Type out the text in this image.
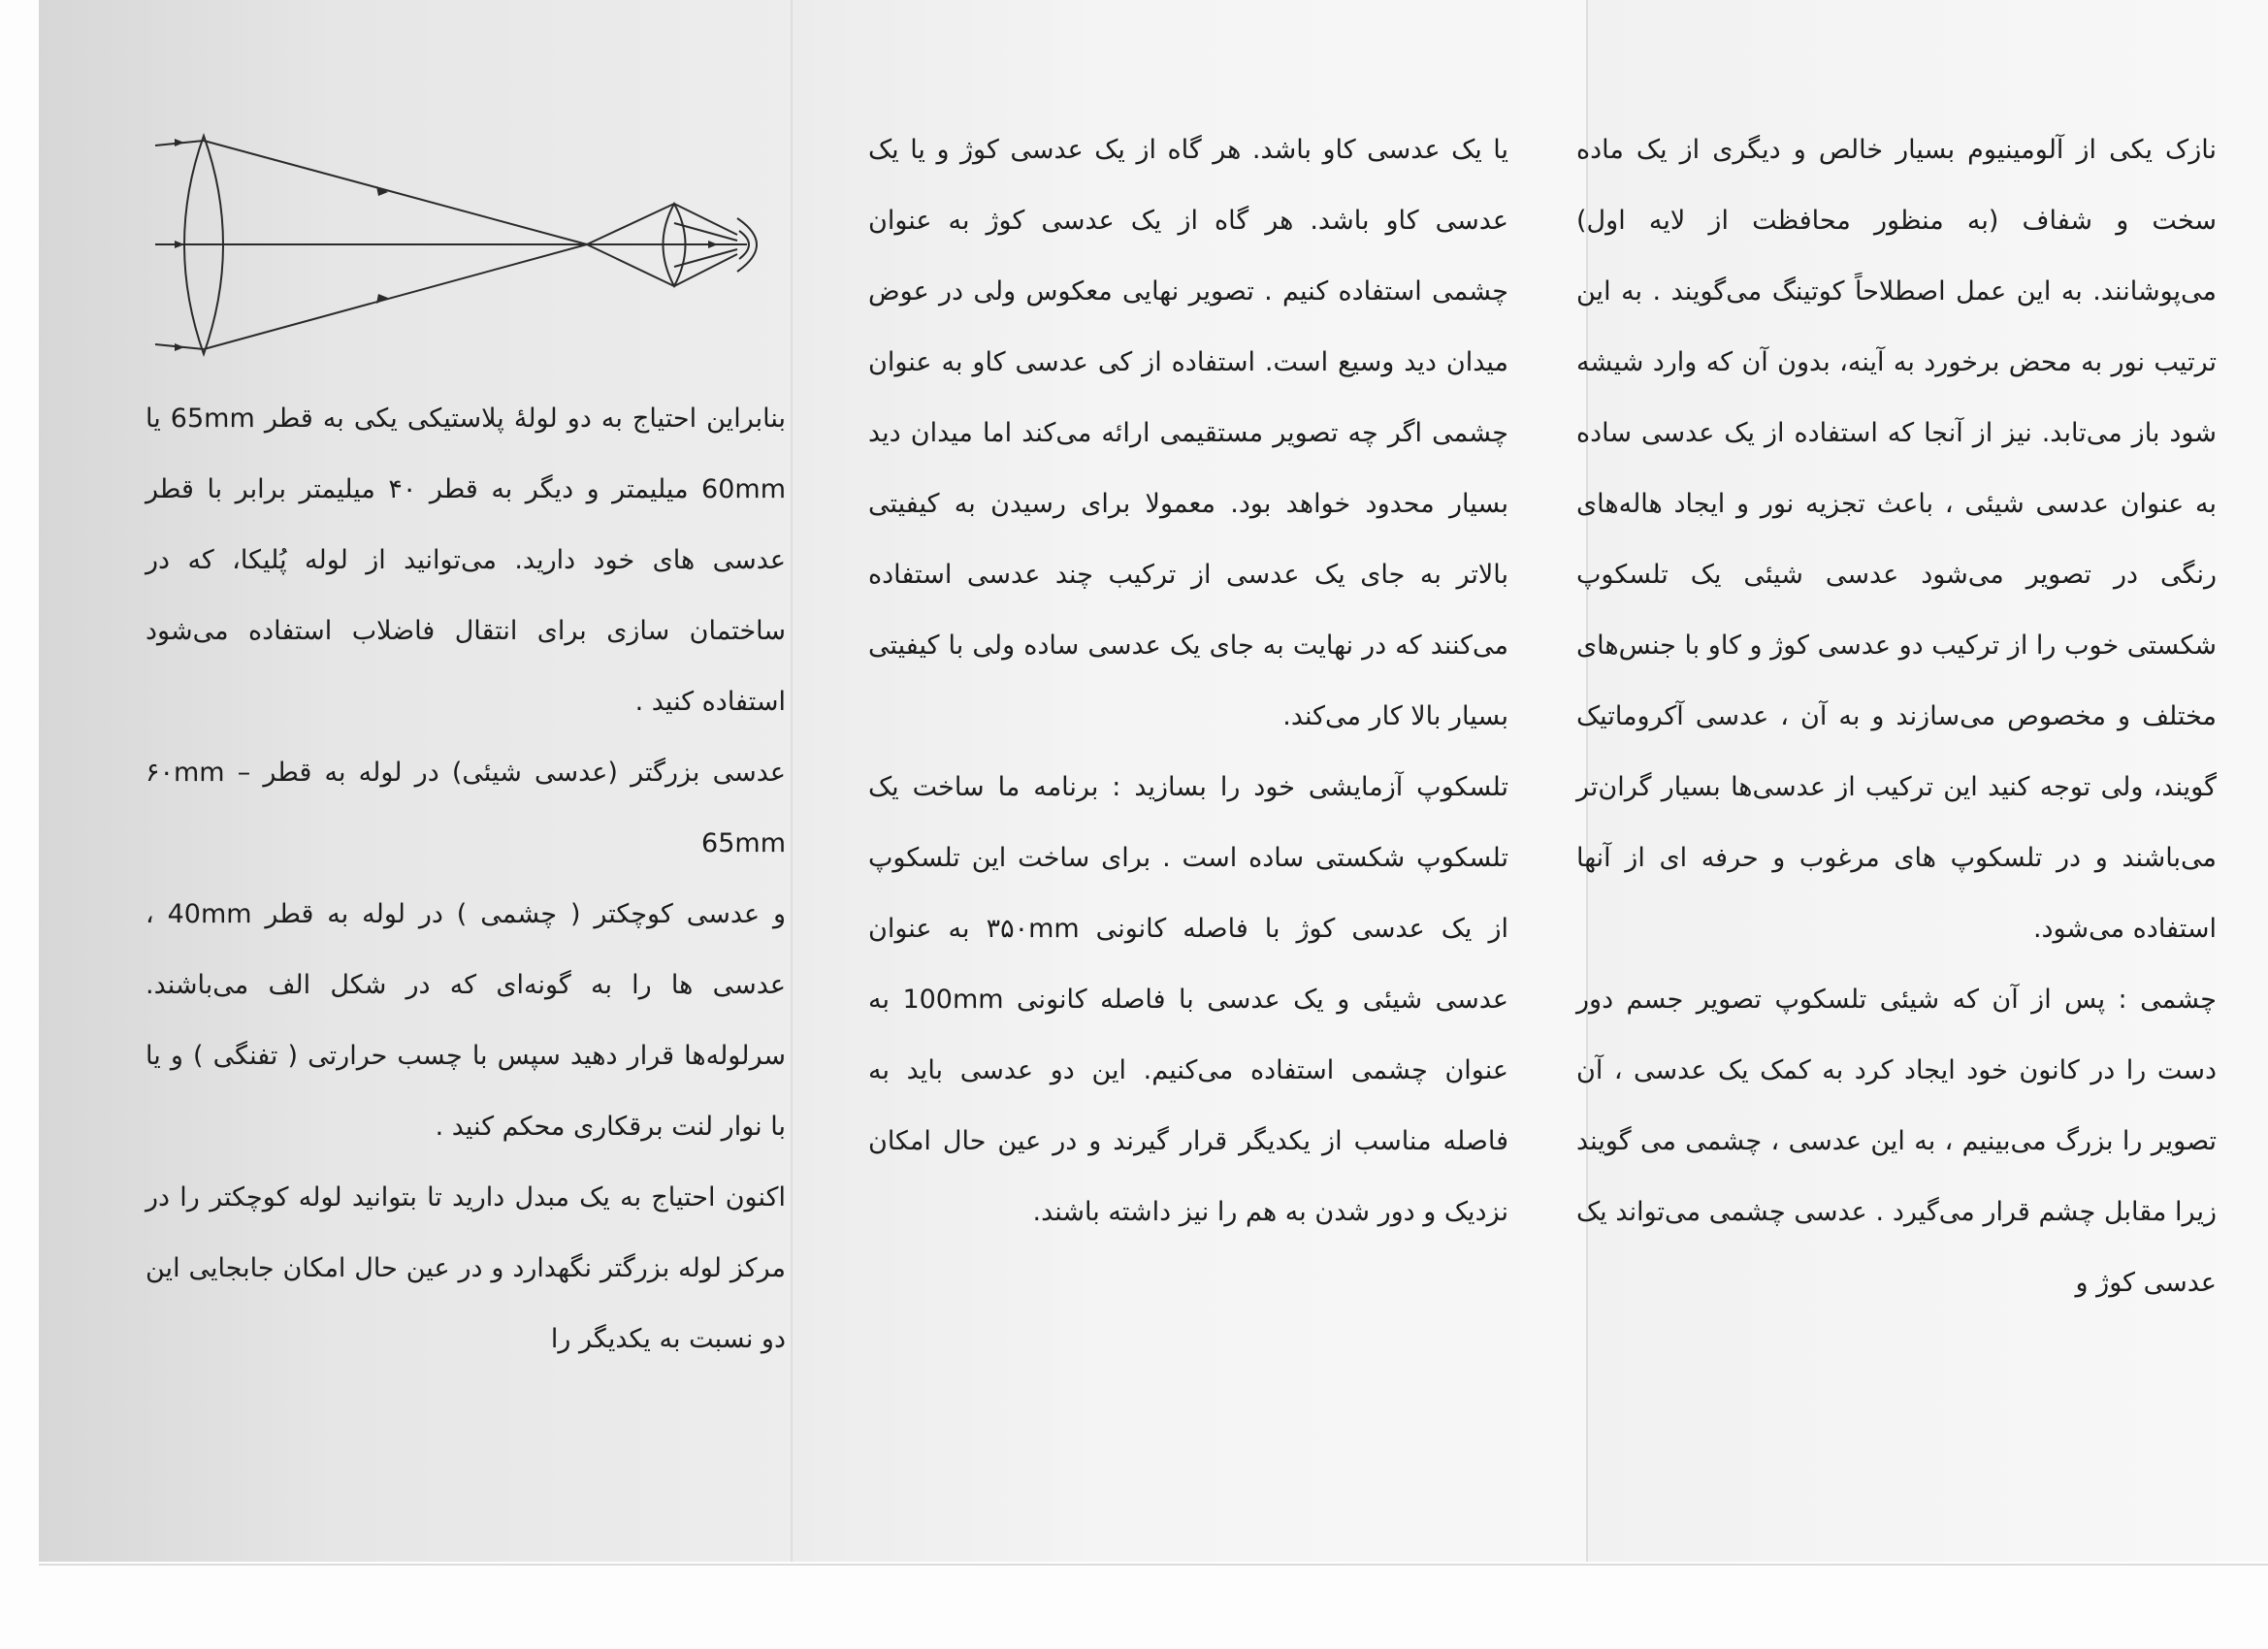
نازک یکی از آلومینیوم بسیار خالص و دیگری از یک ماده سخت و شفاف (به منظور محافظت از لایه اول) می‌پوشانند. به این عمل اصطلاحاً کوتینگ می‌گویند . به این ترتیب نور به محض برخورد به آینه، بدون آن که وارد شیشه شود باز می‌تابد. نیز از آنجا که استفاده از یک عدسی ساده به عنوان عدسی شیئی ، باعث تجزیه نور و ایجاد هاله‌های رنگی در تصویر می‌شود عدسی شیئی یک تلسکوپ شکستی خوب را از ترکیب دو عدسی کوژ و کاو با جنس‌های مختلف و مخصوص می‌سازند و به آن ، عدسی آکروماتیک گویند، ولی توجه کنید این ترکیب از عدسی‌ها بسیار گران‌تر می‌باشند و در تلسکوپ های مرغوب و حرفه ای از آنها استفاده می‌شود.

چشمی : پس از آن که شیئی تلسکوپ تصویر جسم دور دست را در کانون خود ایجاد کرد به کمک یک عدسی ، آن تصویر را بزرگ می‌بینیم ، به این عدسی ، چشمی می گویند زیرا مقابل چشم قرار می‌گیرد . عدسی چشمی می‌تواند یک عدسی کوژ و

یا یک عدسی کاو باشد. هر گاه از یک عدسی کوژ و یا یک عدسی کاو باشد. هر گاه از یک عدسی کوژ به عنوان چشمی استفاده کنیم . تصویر نهایی معکوس ولی در عوض میدان دید وسیع است. استفاده از کی عدسی کاو به عنوان چشمی اگر چه تصویر مستقیمی ارائه می‌کند اما میدان دید بسیار محدود خواهد بود. معمولا برای رسیدن به کیفیتی بالاتر به جای یک عدسی از ترکیب چند عدسی استفاده می‌کنند که در نهایت به جای یک عدسی ساده ولی با کیفیتی بسیار بالا کار می‌کند.

تلسکوپ آزمایشی خود را بسازید : برنامه ما ساخت یک تلسکوپ شکستی ساده است . برای ساخت این تلسکوپ از یک عدسی کوژ با فاصله کانونی ۳۵۰mm به عنوان عدسی شیئی و یک عدسی با فاصله کانونی 100mm به عنوان چشمی استفاده می‌کنیم. این دو عدسی باید به فاصله مناسب از یکدیگر قرار گیرند و در عین حال امکان نزدیک و دور شدن به هم را نیز داشته باشند.

بنابراین احتیاج به دو لولهٔ پلاستیکی یکی به قطر 65mm یا 60mm میلیمتر و دیگر به قطر ۴۰ میلیمتر برابر با قطر عدسی های خود دارید. می‌توانید از لوله پُلیکا، که در ساختمان سازی برای انتقال فاضلاب استفاده می‌شود استفاده کنید .

عدسی بزرگتر (عدسی شیئی) در لوله به قطر ۶۰mm – 65mm

و عدسی کوچکتر ( چشمی ) در لوله به قطر 40mm ، عدسی ها را به گونه‌ای که در شکل الف می‌باشند. سرلوله‌ها قرار دهید سپس با چسب حرارتی ( تفنگی ) و یا با نوار لنت برقکاری محکم کنید .

اکنون احتیاج به یک مبدل دارید تا بتوانید لوله کوچکتر را در مرکز لوله بزرگتر نگهدارد و در عین حال امکان جابجایی این دو نسبت به یکدیگر را
